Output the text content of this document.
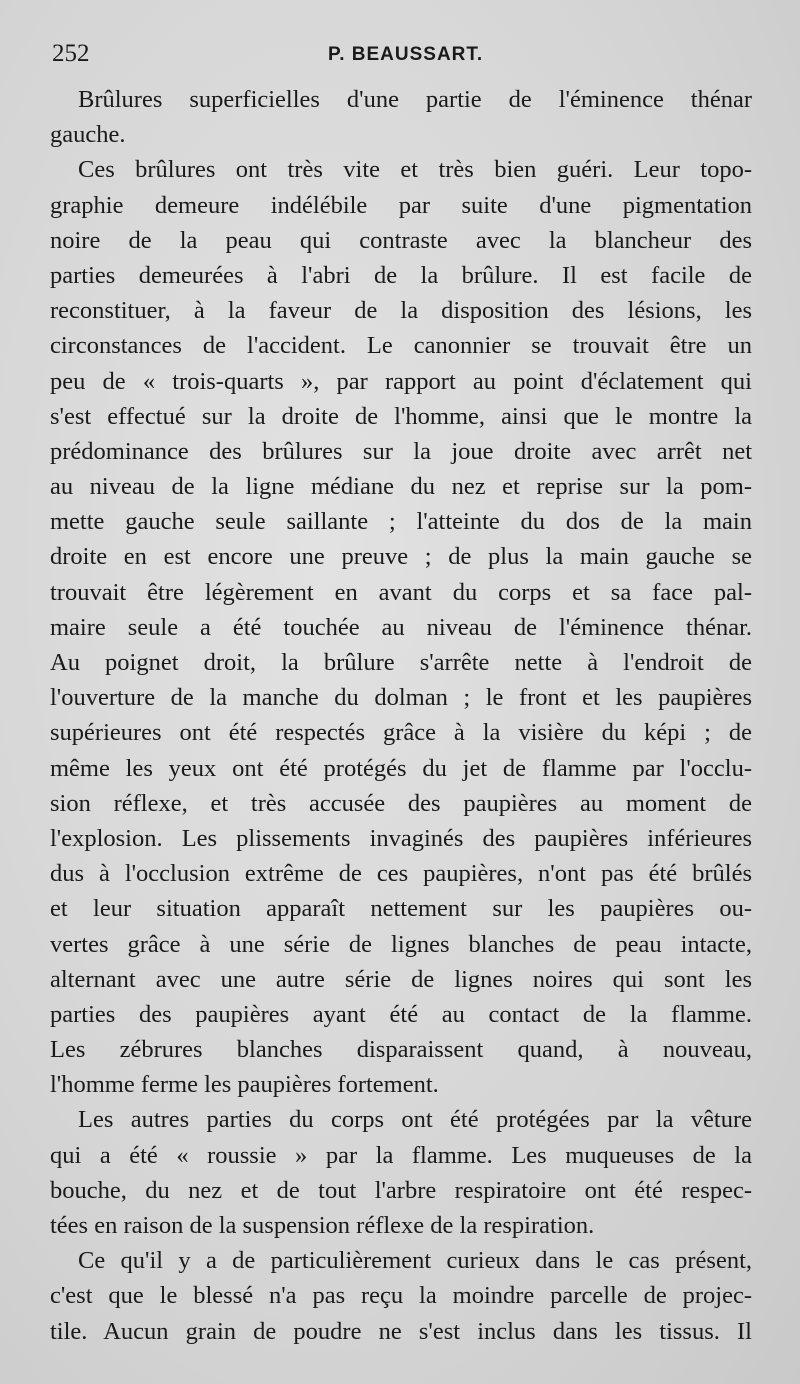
252	P. BEAUSSART.
Brûlures superficielles d'une partie de l'éminence thénar
gauche.
Ces brûlures ont très vite et très bien guéri. Leur topo-
graphie demeure indélébile par suite d'une pigmentation
noire de la peau qui contraste avec la blancheur des
parties demeurées à l'abri de la brûlure. Il est facile de
reconstituer, à la faveur de la disposition des lésions, les
circonstances de l'accident. Le canonnier se trouvait être un
peu de « trois-quarts », par rapport au point d'éclatement qui
s'est effectué sur la droite de l'homme, ainsi que le montre la
prédominance des brûlures sur la joue droite avec arrêt net
au niveau de la ligne médiane du nez et reprise sur la pom-
mette gauche seule saillante ; l'atteinte du dos de la main
droite en est encore une preuve ; de plus la main gauche se
trouvait être légèrement en avant du corps et sa face pal-
maire seule a été touchée au niveau de l'éminence thénar.
Au poignet droit, la brûlure s'arrête nette à l'endroit de
l'ouverture de la manche du dolman ; le front et les paupières
supérieures ont été respectés grâce à la visière du képi ; de
même les yeux ont été protégés du jet de flamme par l'occlu-
sion réflexe, et très accusée des paupières au moment de
l'explosion. Les plissements invaginés des paupières inférieures
dus à l'occlusion extrême de ces paupières, n'ont pas été brûlés
et leur situation apparaît nettement sur les paupières ou-
vertes grâce à une série de lignes blanches de peau intacte,
alternant avec une autre série de lignes noires qui sont les
parties des paupières ayant été au contact de la flamme.
Les zébrures blanches disparaissent quand, à nouveau,
l'homme ferme les paupières fortement.
Les autres parties du corps ont été protégées par la vêture
qui a été « roussie » par la flamme. Les muqueuses de la
bouche, du nez et de tout l'arbre respiratoire ont été respec-
tées en raison de la suspension réflexe de la respiration.
Ce qu'il y a de particulièrement curieux dans le cas présent,
c'est que le blessé n'a pas reçu la moindre parcelle de projec-
tile. Aucun grain de poudre ne s'est inclus dans les tissus. Il
